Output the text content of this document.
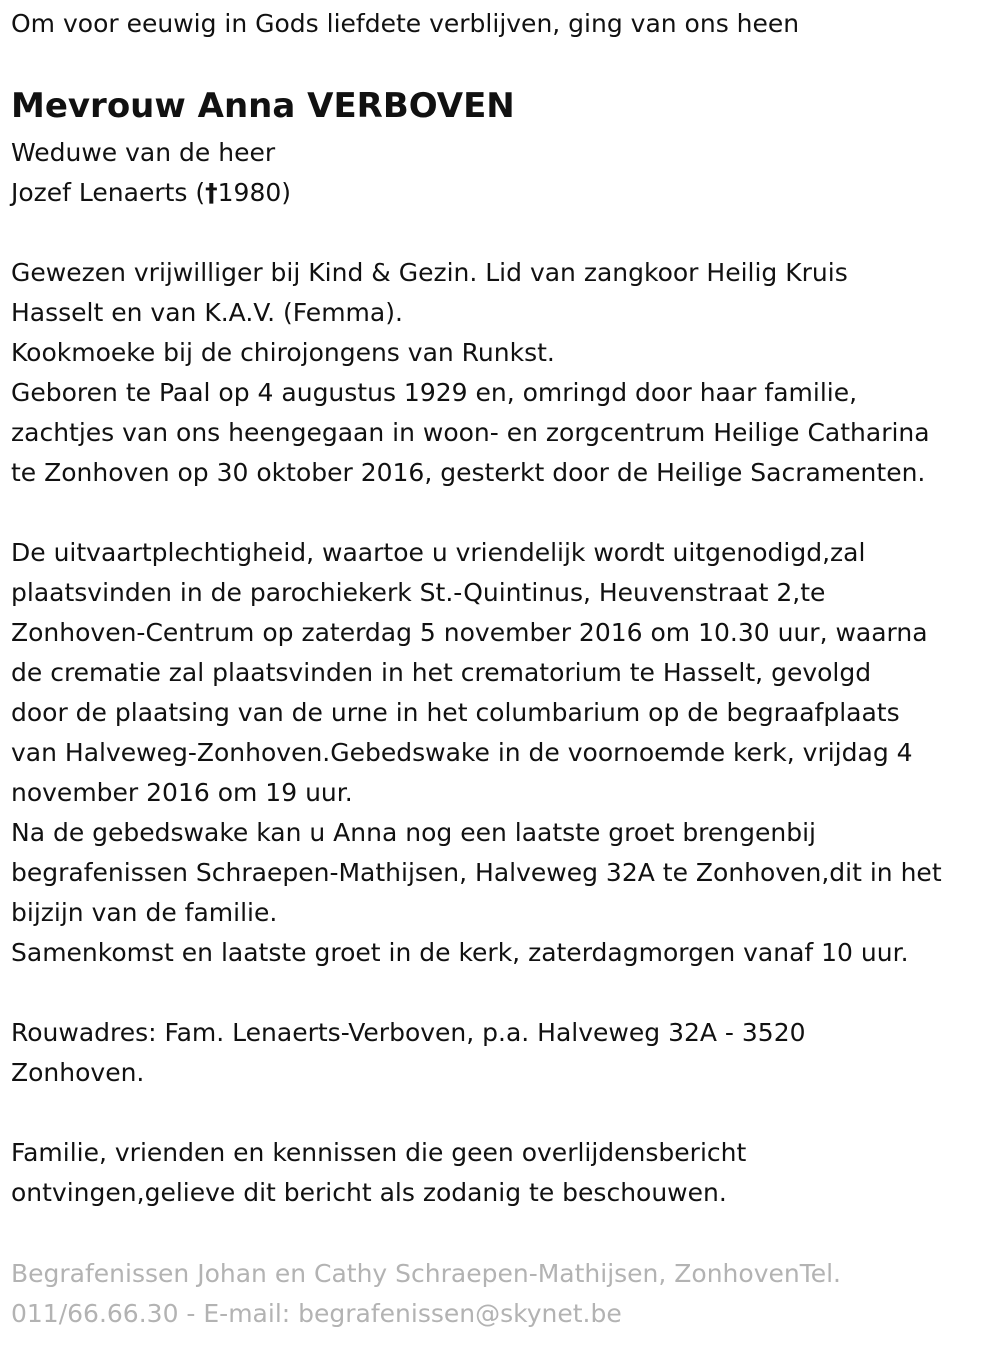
Om voor eeuwig in Gods liefdete verblijven, ging van ons heen
Mevrouw Anna VERBOVEN
Weduwe van de heer
Jozef Lenaerts (†1980)
Gewezen vrijwilliger bij Kind & Gezin. Lid van zangkoor Heilig Kruis
Hasselt en van K.A.V. (Femma).
Kookmoeke bij de chirojongens van Runkst.
Geboren te Paal op 4 augustus 1929 en, omringd door haar familie,
zachtjes van ons heengegaan in woon- en zorgcentrum Heilige Catharina
te Zonhoven op 30 oktober 2016, gesterkt door de Heilige Sacramenten.
De uitvaartplechtigheid, waartoe u vriendelijk wordt uitgenodigd,zal
plaatsvinden in de parochiekerk St.-Quintinus, Heuvenstraat 2,te
Zonhoven-Centrum op zaterdag 5 november 2016 om 10.30 uur, waarna
de crematie zal plaatsvinden in het crematorium te Hasselt, gevolgd
door de plaatsing van de urne in het columbarium op de begraafplaats
van Halveweg-Zonhoven.Gebedswake in de voornoemde kerk, vrijdag 4
november 2016 om 19 uur.
Na de gebedswake kan u Anna nog een laatste groet brengenbij
begrafenissen Schraepen-Mathijsen, Halveweg 32A te Zonhoven,dit in het
bijzijn van de familie.
Samenkomst en laatste groet in de kerk, zaterdagmorgen vanaf 10 uur.
Rouwadres: Fam. Lenaerts-Verboven, p.a. Halveweg 32A - 3520
Zonhoven.
Familie, vrienden en kennissen die geen overlijdensbericht
ontvingen,gelieve dit bericht als zodanig te beschouwen.
Begrafenissen Johan en Cathy Schraepen-Mathijsen, ZonhovenTel.
011/66.66.30 - E-mail: begrafenissen@skynet.be
